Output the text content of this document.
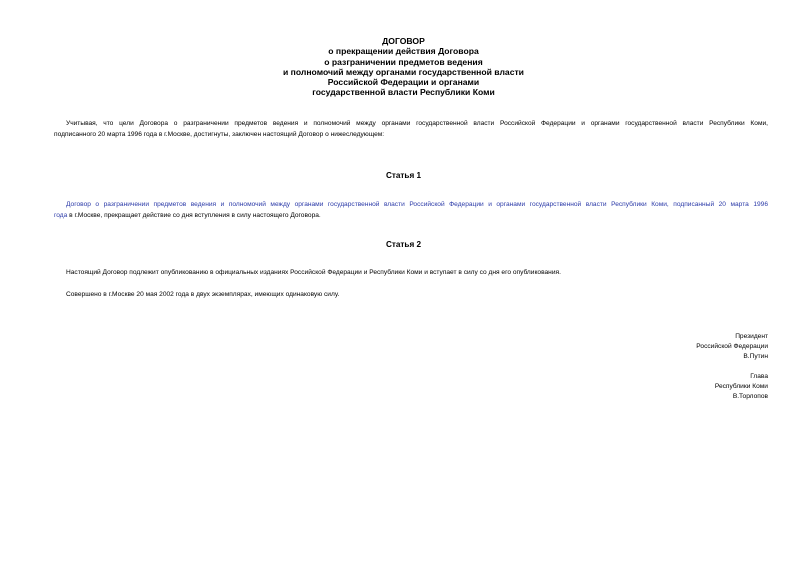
ДОГОВОР
о прекращении действия Договора
о разграничении предметов ведения
и полномочий между органами государственной власти
Российской Федерации и органами
государственной власти Республики Коми
Учитывая, что цели Договора о разграничении предметов ведения и полномочий между органами государственной власти Российской Федерации и органами государственной власти Республики Коми,
подписанного 20 марта 1996 года в г.Москве, достигнуты, заключен настоящий Договор о нижеследующем:
Статья 1
Договор о разграничении предметов ведения и полномочий между органами государственной власти Российской Федерации и органами государственной власти Республики Коми, подписанный 20 марта 1996
года в г.Москве, прекращает действие со дня вступления в силу настоящего Договора.
Статья 2
Настоящий Договор подлежит опубликованию в официальных изданиях Российской Федерации и Республики Коми и вступает в силу со дня его опубликования.
Совершено в г.Москве 20 мая 2002 года в двух экземплярах, имеющих одинаковую силу.
Президент
Российской Федерации
В.Путин
Глава
Республики Коми
В.Торлопов
